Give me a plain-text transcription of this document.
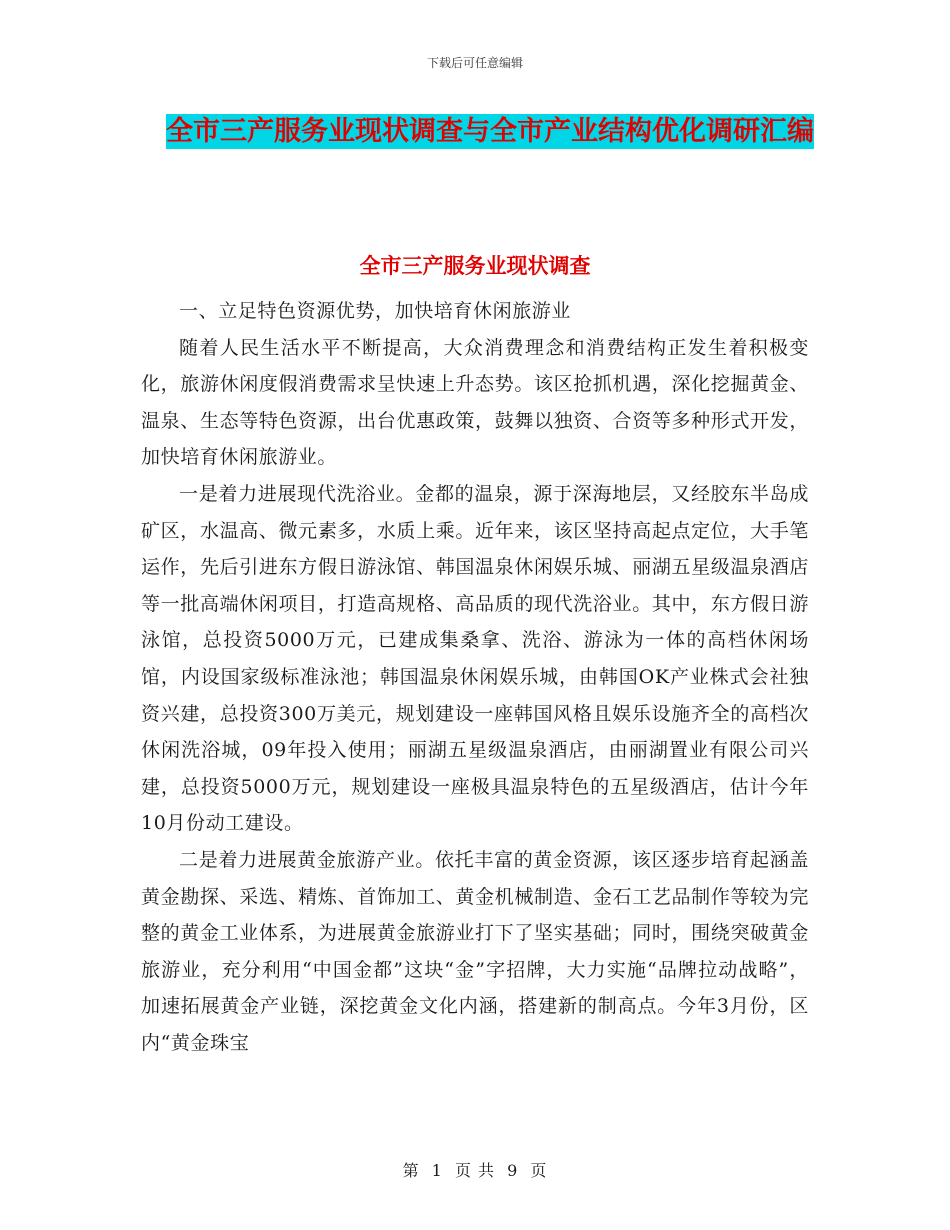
下载后可任意编辑
全市三产服务业现状调查与全市产业结构优化调研汇编
全市三产服务业现状调查

一、立足特色资源优势，加快培育休闲旅游业

随着人民生活水平不断提高，大众消费理念和消费结构正发生着积极变化，旅游休闲度假消费需求呈快速上升态势。该区抢抓机遇，深化挖掘黄金、温泉、生态等特色资源，出台优惠政策，鼓舞以独资、合资等多种形式开发，加快培育休闲旅游业。

一是着力进展现代洗浴业。金都的温泉，源于深海地层，又经胶东半岛成矿区，水温高、微元素多，水质上乘。近年来，该区坚持高起点定位，大手笔运作，先后引进东方假日游泳馆、韩国温泉休闲娱乐城、丽湖五星级温泉酒店等一批高端休闲项目，打造高规格、高品质的现代洗浴业。其中，东方假日游泳馆，总投资5000万元，已建成集桑拿、洗浴、游泳为一体的高档休闲场馆，内设国家级标准泳池；韩国温泉休闲娱乐城，由韩国OK产业株式会社独资兴建，总投资300万美元，规划建设一座韩国风格且娱乐设施齐全的高档次休闲洗浴城，09年投入使用；丽湖五星级温泉酒店，由丽湖置业有限公司兴建，总投资5000万元，规划建设一座极具温泉特色的五星级酒店，估计今年10月份动工建设。

二是着力进展黄金旅游产业。依托丰富的黄金资源，该区逐步培育起涵盖黄金勘探、采选、精炼、首饰加工、黄金机械制造、金石工艺品制作等较为完整的黄金工业体系，为进展黄金旅游业打下了坚实基础；同时，围绕突破黄金旅游业，充分利用“中国金都”这块“金”字招牌，大力实施“品牌拉动战略”，加速拓展黄金产业链，深挖黄金文化内涵，搭建新的制高点。今年3月份，区内“黄金珠宝

第 1 页 共 9 页
